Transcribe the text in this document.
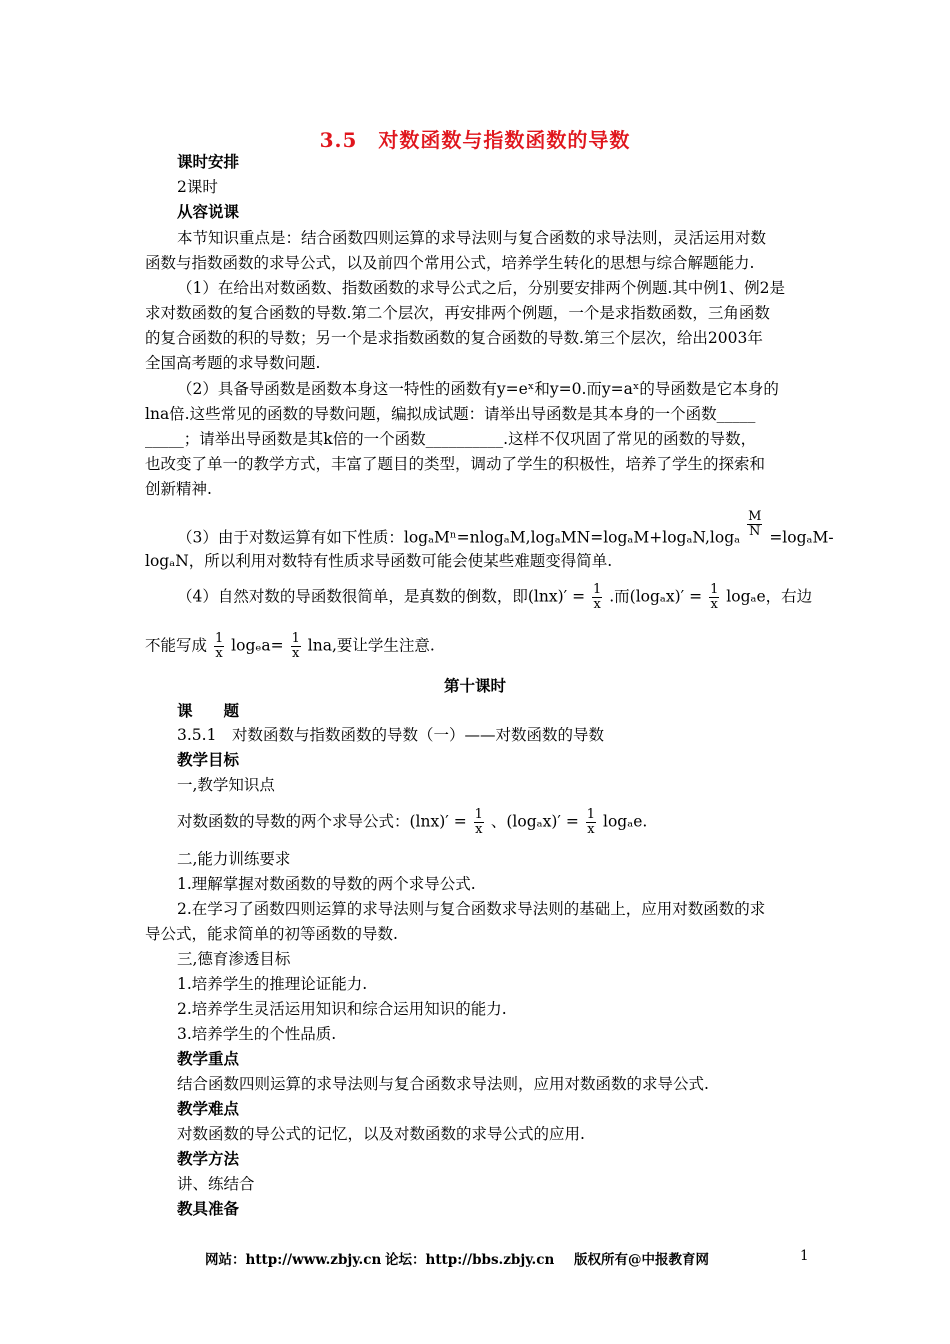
3.5　对数函数与指数函数的导数
课时安排
2课时
从容说课
本节知识重点是：结合函数四则运算的求导法则与复合函数的求导法则，灵活运用对数
函数与指数函数的求导公式，以及前四个常用公式，培养学生转化的思想与综合解题能力.
（1）在给出对数函数、指数函数的求导公式之后，分别要安排两个例题.其中例1、例2是
求对数函数的复合函数的导数.第二个层次，再安排两个例题，一个是求指数函数，三角函数
的复合函数的积的导数；另一个是求指数函数的复合函数的导数.第三个层次，给出2003年
全国高考题的求导数问题.
（2）具备导函数是函数本身这一特性的函数有y=eˣ和y=0.而y=aˣ的导函数是它本身的
lna倍.这些常见的函数的导数问题，编拟成试题：请举出导函数是其本身的一个函数_____
_____；请举出导函数是其k倍的一个函数__________.这样不仅巩固了常见的函数的导数，
也改变了单一的教学方式，丰富了题目的类型，调动了学生的积极性，培养了学生的探索和
创新精神.
（3）由于对数运算有如下性质：$\log_aM^n=nlog_aM,\log_aMN=\log_aM+\log_aN,\log_a \frac{M}{N} =\log_aM-$
logₐN，所以利用对数特有性质求导函数可能会使某些难题变得简单.
（4）自然对数的导函数很简单，是真数的倒数，即$(\ln x)' = \frac{1}{x}$ .而$(\log_ax)' = \frac{1}{x}$ logₐe，右边
不能写成 $\frac{1}{x} \log_ea= \frac{1}{x} \ln a$,要让学生注意.
第十课时
课　　题
3.5.1　对数函数与指数函数的导数（一）——对数函数的导数
教学目标
一,教学知识点
对数函数的导数的两个求导公式：$(\ln x)' = \frac{1}{x}$ 、$(\log_ax)' = \frac{1}{x} \log_ae$.
二,能力训练要求
1.理解掌握对数函数的导数的两个求导公式.
2.在学习了函数四则运算的求导法则与复合函数求导法则的基础上，应用对数函数的求
导公式，能求简单的初等函数的导数.
三,德育渗透目标
1.培养学生的推理论证能力.
2.培养学生灵活运用知识和综合运用知识的能力.
3.培养学生的个性品质.
教学重点
结合函数四则运算的求导法则与复合函数求导法则，应用对数函数的求导公式.
教学难点
对数函数的导公式的记忆，以及对数函数的求导公式的应用.
教学方法
讲、练结合
教具准备
网站：http://www.zbjy.cn 论坛：http://bbs.zbjy.cn 版权所有@中报教育网	1
